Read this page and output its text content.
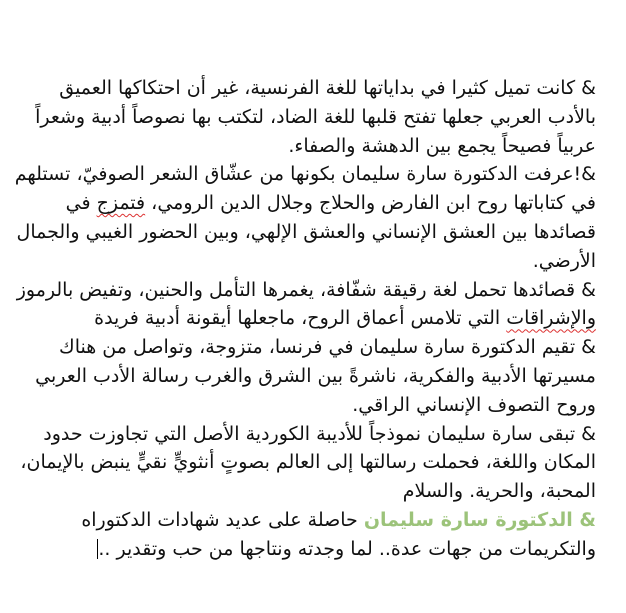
& كانت تميل كثيرا في بداياتها للغة الفرنسية، غير أن احتكاكها العميق بالأدب العربي جعلها تفتح قلبها للغة الضاد، لتكتب بها نصوصاً أدبية وشعراً عربياً فصيحاً يجمع بين الدهشة والصفاء.

&!عرفت الدكتورة سارة سليمان بكونها من عشّاق الشعر الصوفيّ، تستلهم في كتاباتها روح ابن الفارض والحلاج وجلال الدين الرومي، فتمزج في قصائدها بين العشق الإنساني والعشق الإلهي، وبين الحضور الغيبي والجمال الأرضي.

& قصائدها تحمل لغة رقيقة شفّافة، يغمرها التأمل والحنين، وتفيض بالرموز والإشراقات التي تلامس أعماق الروح، ماجعلها أيقونة أدبية فريدة

& تقيم الدكتورة سارة سليمان في فرنسا، متزوجة، وتواصل من هناك مسيرتها الأدبية والفكرية، ناشرةً بين الشرق والغرب رسالة الأدب العربي وروح التصوف الإنساني الراقي.

& تبقى سارة سليمان نموذجاً للأديبة الكوردية الأصل التي تجاوزت حدود المكان واللغة، فحملت رسالتها إلى العالم بصوتٍ أنثويٍّ نقيٍّ ينبض بالإيمان، المحبة، والحرية. والسلام

& الدكتورة سارة سليمان حاصلة على عديد شهادات الدكتوراه والتكريمات من جهات عدة.. لما وجدته ونتاجها من حب وتقدير ..
